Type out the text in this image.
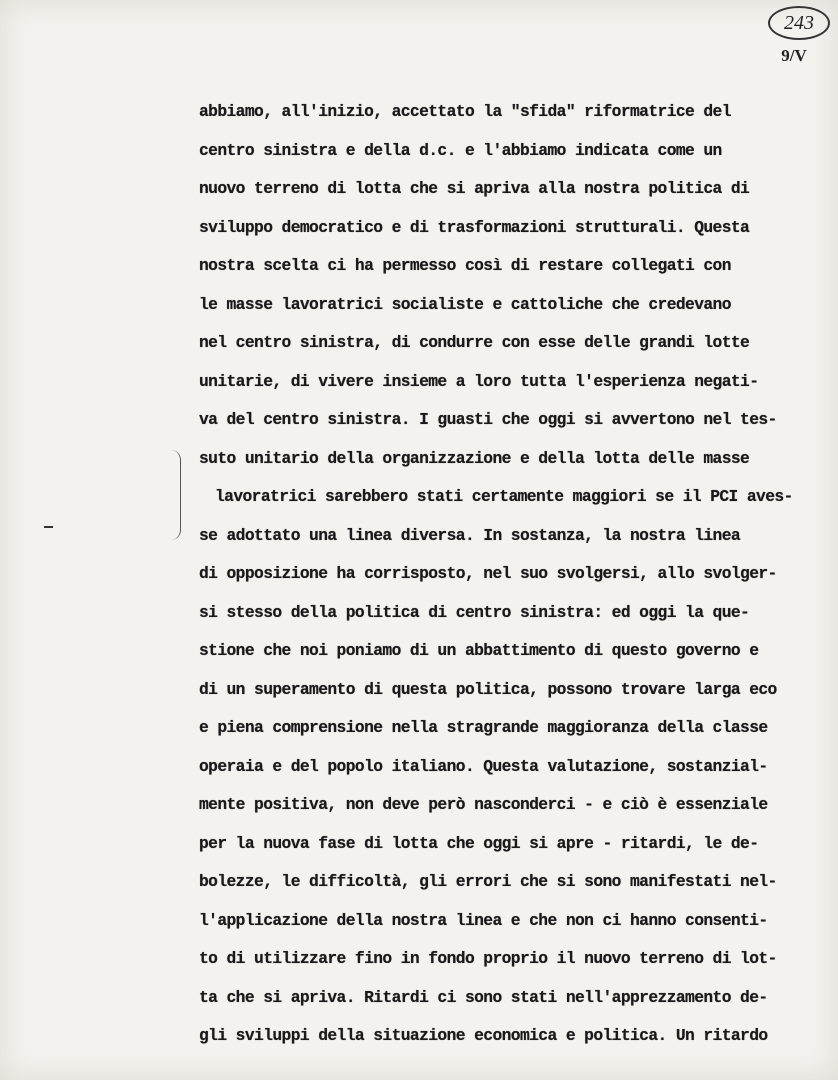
243
9/V
abbiamo, all'inizio, accettato la "sfida" riformatrice del
centro sinistra e della d.c. e l'abbiamo indicata come un
nuovo terreno di lotta che si apriva alla nostra politica di
sviluppo democratico e di trasformazioni strutturali. Questa
nostra scelta ci ha permesso così di restare collegati con
le masse lavoratrici socialiste e cattoliche che credevano
nel centro sinistra, di condurre con esse delle grandi lotte
unitarie, di vivere insieme a loro tutta l'esperienza negati-
va del centro sinistra. I guasti che oggi si avvertono nel tes-
suto unitario della organizzazione e della lotta delle masse
lavoratrici sarebbero stati certamente maggiori se il PCI aves-
se adottato una linea diversa. In sostanza, la nostra linea
di opposizione ha corrisposto, nel suo svolgersi, allo svolger-
si stesso della politica di centro sinistra: ed oggi la que-
stione che noi poniamo di un abbattimento di questo governo e
di un superamento di questa politica, possono trovare larga eco
e piena comprensione nella stragrande maggioranza della classe
operaia e del popolo italiano. Questa valutazione, sostanzial-
mente positiva, non deve però nasconderci - e ciò è essenziale
per la nuova fase di lotta che oggi si apre - ritardi, le de-
bolezze, le difficoltà, gli errori che si sono manifestati nel-
l'applicazione della nostra linea e che non ci hanno consenti-
to di utilizzare fino in fondo proprio il nuovo terreno di lot-
ta che si apriva. Ritardi ci sono stati nell'apprezzamento de-
gli sviluppi della situazione economica e politica. Un ritardo
